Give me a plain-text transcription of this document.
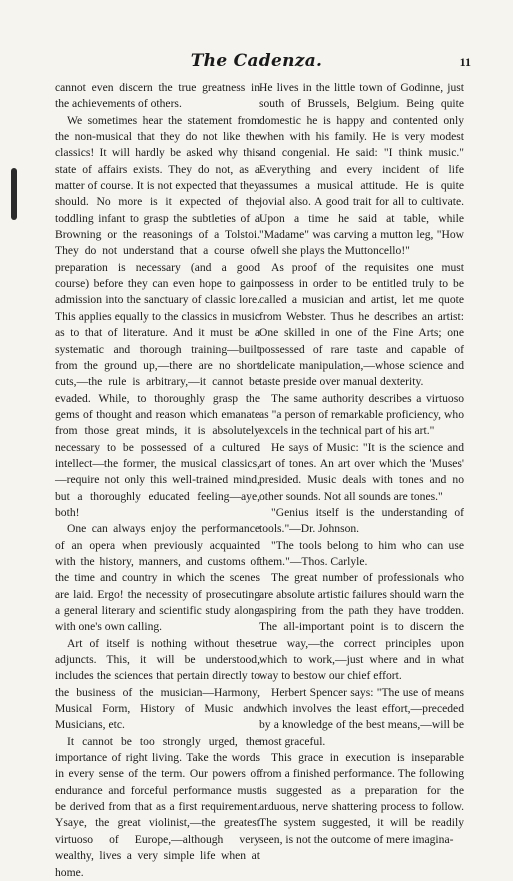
The Cadenza.	11

cannot even discern the true greatness in the achievements of others.

We sometimes hear the statement from the non-musical that they do not like the classics! It will hardly be asked why this state of affairs exists. They do not, as a matter of course. It is not expected that they should. No more is it expected of the toddling infant to grasp the subtleties of a Browning or the reasonings of a Tolstoi. They do not understand that a course of preparation is necessary (and a good course) before they can even hope to gain admission into the sanctuary of classic lore. This applies equally to the classics in music as to that of literature. And it must be a systematic and thorough training—built from the ground up,—there are no short cuts,—the rule is arbitrary,—it cannot be evaded. While, to thoroughly grasp the gems of thought and reason which emanate from those great minds, it is absolutely necessary to be possessed of a cultured intellect—the former, the musical classics,—require not only this well-trained mind, but a thoroughly educated feeling—aye, both!

One can always enjoy the performance of an opera when previously acquainted with the history, manners, and customs of the time and country in which the scenes are laid. Ergo! the necessity of prosecuting a general literary and scientific study along with one's own calling.

Art of itself is nothing without these adjuncts. This, it will be understood, includes the sciences that pertain directly to the business of the musician—Harmony, Musical Form, History of Music and Musicians, etc.

It cannot be too strongly urged, the importance of right living. Take the words in every sense of the term. Our powers of endurance and forceful performance must be derived from that as a first requirement. Ysaye, the great violinist,—the greatest virtuoso of Europe,—although very wealthy, lives a very simple life when at home.

He lives in the little town of Godinne, just south of Brussels, Belgium. Being quite domestic he is happy and contented only when with his family. He is very modest and congenial. He said: "I think music." Everything and every incident of life assumes a musical attitude. He is quite jovial also. A good trait for all to cultivate. Upon a time he said at table, while "Madame" was carving a mutton leg, "How well she plays the Muttoncello!"

As proof of the requisites one must possess in order to be entitled truly to be called a musician and artist, let me quote from Webster. Thus he describes an artist: One skilled in one of the Fine Arts; one possessed of rare taste and capable of delicate manipulation,—whose science and taste preside over manual dexterity.

The same authority describes a virtuoso as "a person of remarkable proficiency, who excels in the technical part of his art."

He says of Music: "It is the science and art of tones. An art over which the 'Muses' presided. Music deals with tones and no other sounds. Not all sounds are tones."

"Genius itself is the understanding of tools."—Dr. Johnson.

"The tools belong to him who can use them."—Thos. Carlyle.

The great number of professionals who are absolute artistic failures should warn the aspiring from the path they have trodden. The all-important point is to discern the true way,—the correct principles upon which to work,—just where and in what way to bestow our chief effort.

Herbert Spencer says: "The use of means which involves the least effort,—preceded by a knowledge of the best means,—will be most graceful.

This grace in execution is inseparable from a finished performance. The following is suggested as a preparation for the arduous, nerve shattering process to follow. The system suggested, it will be readily seen, is not the outcome of mere imagina-
